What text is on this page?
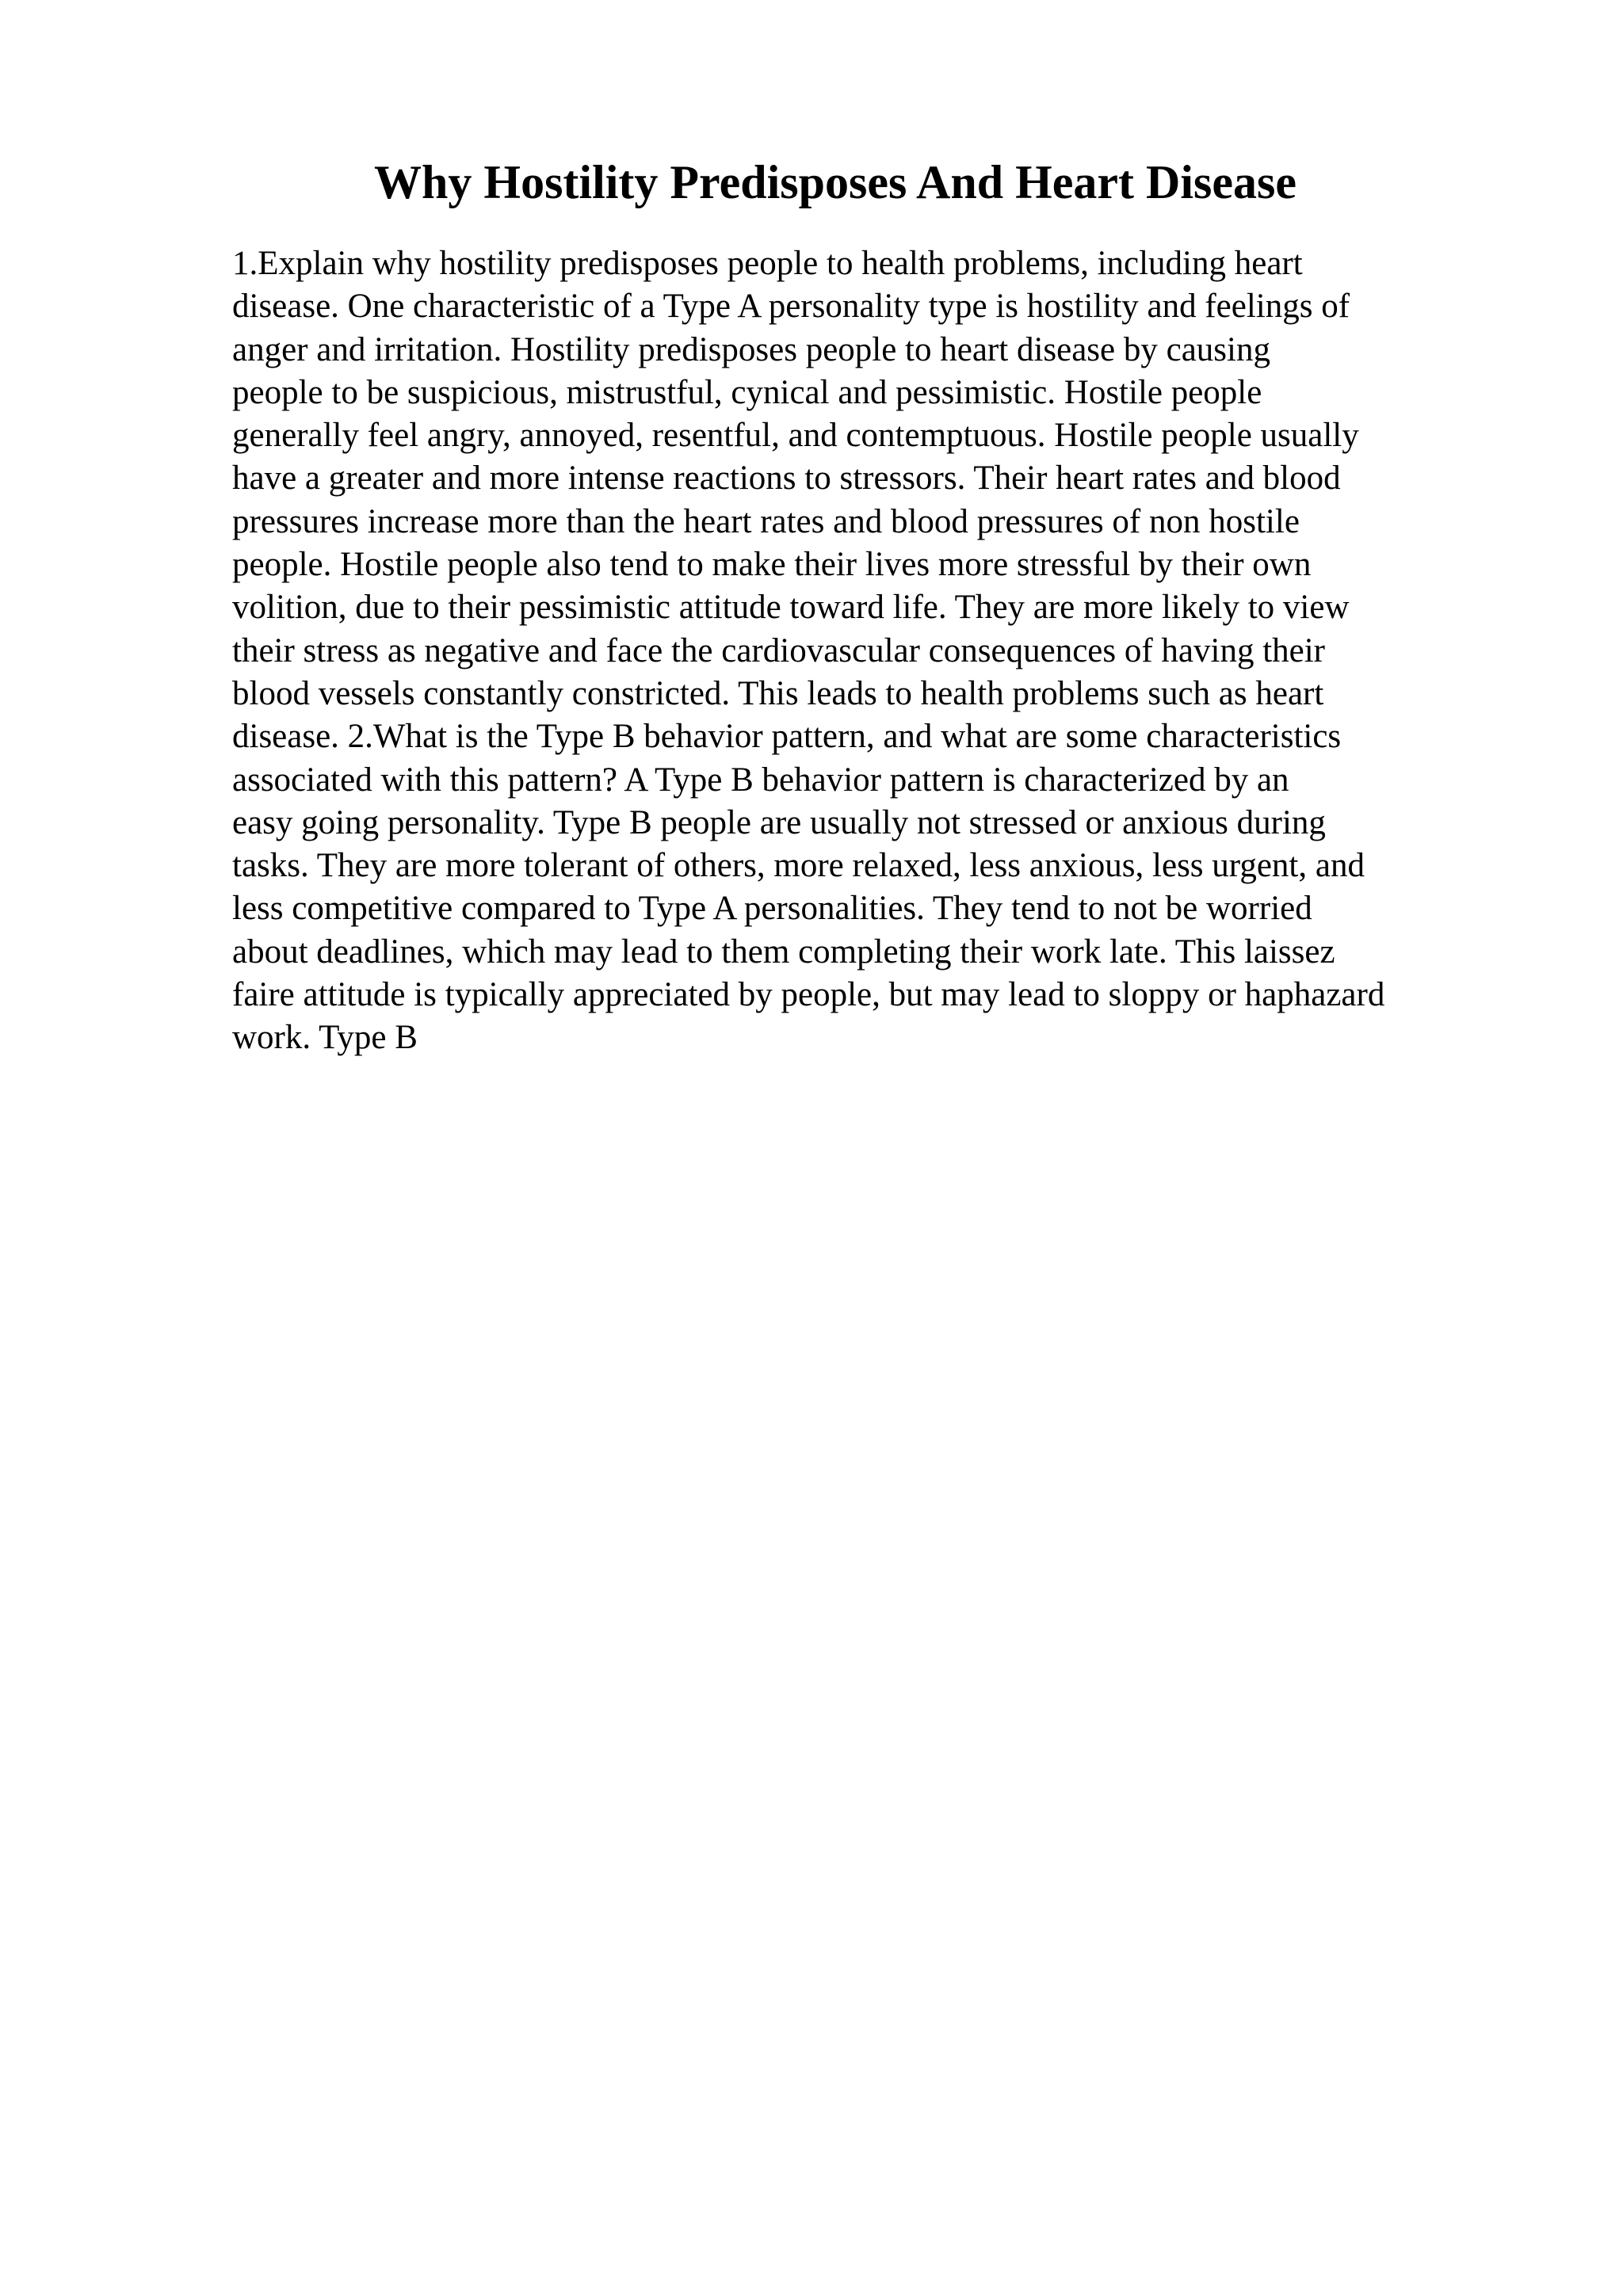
Why Hostility Predisposes And Heart Disease
1.Explain why hostility predisposes people to health problems, including heart
disease. One characteristic of a Type A personality type is hostility and feelings of
anger and irritation. Hostility predisposes people to heart disease by causing
people to be suspicious, mistrustful, cynical and pessimistic. Hostile people
generally feel angry, annoyed, resentful, and contemptuous. Hostile people usually
have a greater and more intense reactions to stressors. Their heart rates and blood
pressures increase more than the heart rates and blood pressures of non hostile
people. Hostile people also tend to make their lives more stressful by their own
volition, due to their pessimistic attitude toward life. They are more likely to view
their stress as negative and face the cardiovascular consequences of having their
blood vessels constantly constricted. This leads to health problems such as heart
disease. 2.What is the Type B behavior pattern, and what are some characteristics
associated with this pattern? A Type B behavior pattern is characterized by an
easy going personality. Type B people are usually not stressed or anxious during
tasks. They are more tolerant of others, more relaxed, less anxious, less urgent, and
less competitive compared to Type A personalities. They tend to not be worried
about deadlines, which may lead to them completing their work late. This laissez
faire attitude is typically appreciated by people, but may lead to sloppy or haphazard
work. Type B
